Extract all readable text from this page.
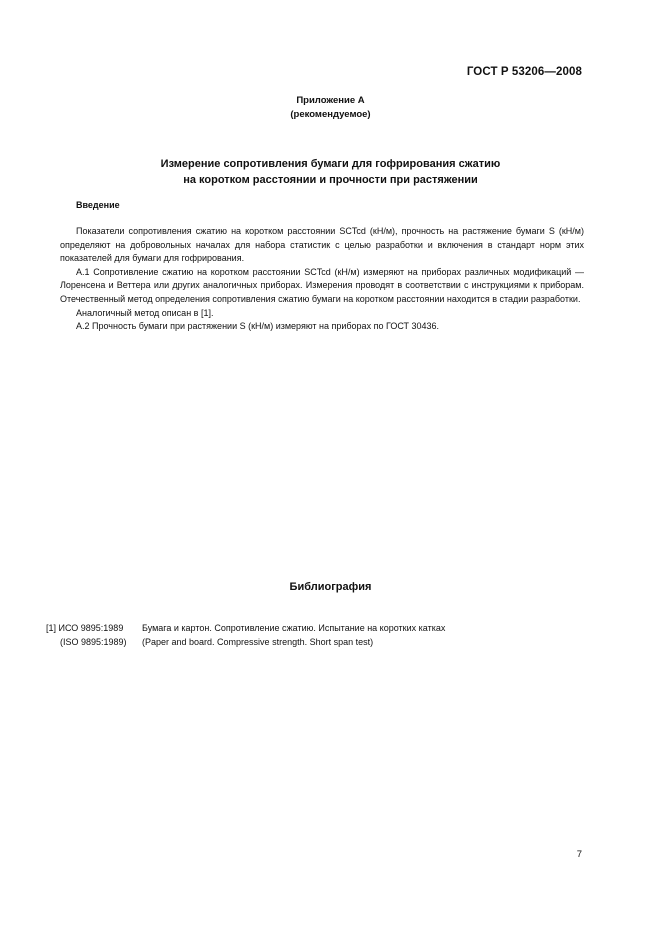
ГОСТ Р 53206—2008
Приложение А
(рекомендуемое)
Измерение сопротивления бумаги для гофрирования сжатию
на коротком расстоянии и прочности при растяжении
Введение

Показатели сопротивления сжатию на коротком расстоянии SCTcd (кН/м), прочность на растяжение бумаги S (кН/м) определяют на добровольных началах для набора статистик с целью разработки и включения в стандарт норм этих показателей для бумаги для гофрирования.

А.1 Сопротивление сжатию на коротком расстоянии SCTcd (кН/м) измеряют на приборах различных модификаций — Лоренсена и Веттера или других аналогичных приборах. Измерения проводят в соответствии с инструкциями к приборам. Отечественный метод определения сопротивления сжатию бумаги на коротком расстоянии находится в стадии разработки.

Аналогичный метод описан в [1].

А.2 Прочность бумаги при растяжении S (кН/м) измеряют на приборах по ГОСТ 30436.

Библиография
[1] ИСО 9895:1989	Бумага и картон. Сопротивление сжатию. Испытание на коротких катках
(ISO 9895:1989)	(Paper and board. Compressive strength. Short span test)
7
